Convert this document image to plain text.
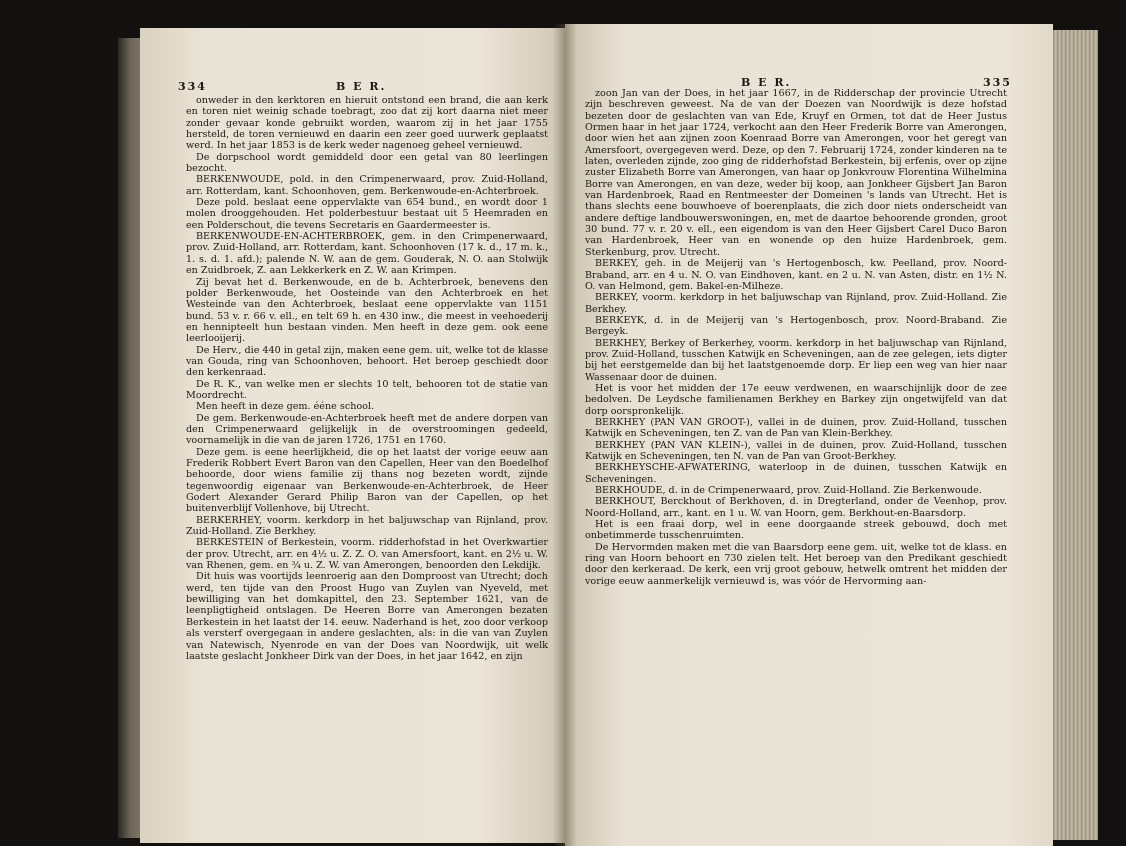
334	B E R.

onweder in den kerktoren en hieruit ontstond een brand, die aan kerk en toren niet weinig schade toebragt, zoo dat zij kort daarna niet meer zonder gevaar konde gebruikt worden, waarom zij in het jaar 1755 hersteld, de toren vernieuwd en daarin een zeer goed uurwerk geplaatst werd. In het jaar 1853 is de kerk weder nagenoeg geheel vernieuwd.

De dorpschool wordt gemiddeld door een getal van 80 leerlingen bezocht.

BERKENWOUDE, pold. in den Crimpenerwaard, prov. Zuid-Holland, arr. Rotterdam, kant. Schoonhoven, gem. Berkenwoude-en-Achterbroek.

Deze pold. beslaat eene oppervlakte van 654 bund., en wordt door 1 molen drooggehouden. Het polderbestuur bestaat uit 5 Heemraden en een Polderschout, die tevens Secretaris en Gaardermeester is.

BERKENWOUDE-EN-ACHTERBROEK, gem. in den Crimpenerwaard, prov. Zuid-Holland, arr. Rotterdam, kant. Schoonhoven (17 k. d., 17 m. k., 1. s. d. 1. afd.); palende N. W. aan de gem. Gouderak, N. O. aan Stolwijk en Zuidbroek, Z. aan Lekkerkerk en Z. W. aan Krimpen.

Zij bevat het d. Berkenwoude, en de b. Achterbroek, benevens den polder Berkenwoude, het Oosteinde van den Achterbroek en het Westeinde van den Achterbroek, beslaat eene oppervlakte van 1151 bund. 53 v. r. 66 v. ell., en telt 69 h. en 430 inw., die meest in veehoederij en hennipteelt hun bestaan vinden. Men heeft in deze gem. ook eene leerlooijerij.

De Herv., die 440 in getal zijn, maken eene gem. uit, welke tot de klasse van Gouda, ring van Schoonhoven, behoort. Het beroep geschiedt door den kerkenraad.

De R. K., van welke men er slechts 10 telt, behooren tot de statie van Moordrecht.

Men heeft in deze gem. ééne school.

De gem. Berkenwoude-en-Achterbroek heeft met de andere dorpen van den Crimpenerwaard gelijkelijk in de overstroomingen gedeeld, voornamelijk in die van de jaren 1726, 1751 en 1760.

Deze gem. is eene heerlijkheid, die op het laatst der vorige eeuw aan Frederik Robbert Evert Baron van den Capellen, Heer van den Boedelhof behoorde, door wiens familie zij thans nog bezeten wordt, zijnde tegenwoordig eigenaar van Berkenwoude-en-Achterbroek, de Heer Godert Alexander Gerard Philip Baron van der Capellen, op het buitenverblijf Vollenhove, bij Utrecht.

BERKERHEY, voorm. kerkdorp in het baljuwschap van Rijnland, prov. Zuid-Holland. Zie Berkhey.

BERKESTEIN of Berkestein, voorm. ridderhofstad in het Overkwartier der prov. Utrecht, arr. en 4½ u. Z. Z. O. van Amersfoort, kant. en 2½ u. W. van Rhenen, gem. en ¾ u. Z. W. van Amerongen, benoorden den Lekdijk.

Dit huis was voortijds leenroerig aan den Domproost van Utrecht; doch werd, ten tijde van den Proost Hugo van Zuylen van Nyeveld, met bewilliging van het domkapittel, den 23. September 1621, van de leenpligtigheid ontslagen. De Heeren Borre van Amerongen bezaten Berkestein in het laatst der 14. eeuw. Naderhand is het, zoo door verkoop als versterf overgegaan in andere geslachten, als: in die van van Zuylen van Natewisch, Nyenrode en van der Does van Noordwijk, uit welk laatste geslacht Jonkheer Dirk van der Does, in het jaar 1642, en zijn

B E R.	335

zoon Jan van der Does, in het jaar 1667, in de Ridderschap der provincie Utrecht zijn beschreven geweest. Na de van der Doezen van Noordwijk is deze hofstad bezeten door de geslachten van van Ede, Kruyf en Ormen, tot dat de Heer Justus Ormen haar in het jaar 1724, verkocht aan den Heer Frederik Borre van Amerongen, door wien het aan zijnen zoon Koenraad Borre van Amerongen, voor het geregt van Amersfoort, overgegeven werd. Deze, op den 7. Februarij 1724, zonder kinderen na te laten, overleden zijnde, zoo ging de ridderhofstad Berkestein, bij erfenis, over op zijne zuster Elizabeth Borre van Amerongen, van haar op Jonkvrouw Florentina Wilhelmina Borre van Amerongen, en van deze, weder bij koop, aan Jonkheer Gijsbert Jan Baron van Hardenbroek, Raad en Rentmeester der Domeinen 's lands van Utrecht. Het is thans slechts eene bouwhoeve of boerenplaats, die zich door niets onderscheidt van andere deftige landbouwerswoningen, en, met de daartoe behoorende gronden, groot 30 bund. 77 v. r. 20 v. ell., een eigendom is van den Heer Gijsbert Carel Duco Baron van Hardenbroek, Heer van en wonende op den huize Hardenbroek, gem. Sterkenburg, prov. Utrecht.

BERKEY, geh. in de Meijerij van 's Hertogenbosch, kw. Peelland, prov. Noord-Braband, arr. en 4 u. N. O. van Eindhoven, kant. en 2 u. N. van Asten, distr. en 1½ N. O. van Helmond, gem. Bakel-en-Milheze.

BERKEY, voorm. kerkdorp in het baljuwschap van Rijnland, prov. Zuid-Holland. Zie Berkhey.

BERKEYK, d. in de Meijerij van 's Hertogenbosch, prov. Noord-Braband. Zie Bergeyk.

BERKHEY, Berkey of Berkerhey, voorm. kerkdorp in het baljuwschap van Rijnland, prov. Zuid-Holland, tusschen Katwijk en Scheveningen, aan de zee gelegen, iets digter bij het eerstgemelde dan bij het laatstgenoemde dorp. Er liep een weg van hier naar Wassenaar door de duinen.

Het is voor het midden der 17e eeuw verdwenen, en waarschijnlijk door de zee bedolven. De Leydsche familienamen Berkhey en Barkey zijn ongetwijfeld van dat dorp oorspronkelijk.

BERKHEY (PAN VAN GROOT-), vallei in de duinen, prov. Zuid-Holland, tusschen Katwijk en Scheveningen, ten Z. van de Pan van Klein-Berkhey.

BERKHEY (PAN VAN KLEIN-), vallei in de duinen, prov. Zuid-Holland, tusschen Katwijk en Scheveningen, ten N. van de Pan van Groot-Berkhey.

BERKHEYSCHE-AFWATERING, waterloop in de duinen, tusschen Katwijk en Scheveningen.

BERKHOUDE, d. in de Crimpenerwaard, prov. Zuid-Holland. Zie Berkenwoude.

BERKHOUT, Berckhout of Berkhoven, d. in Dregterland, onder de Veenhop, prov. Noord-Holland, arr., kant. en 1 u. W. van Hoorn, gem. Berkhout-en-Baarsdorp.

Het is een fraai dorp, wel in eene doorgaande streek gebouwd, doch met onbetimmerde tusschenruimten.

De Hervormden maken met die van Baarsdorp eene gem. uit, welke tot de klass. en ring van Hoorn behoort en 730 zielen telt. Het beroep van den Predikant geschiedt door den kerkeraad. De kerk, een vrij groot gebouw, hetwelk omtrent het midden der vorige eeuw aanmerkelijk vernieuwd is, was vóór de Hervorming aan-
